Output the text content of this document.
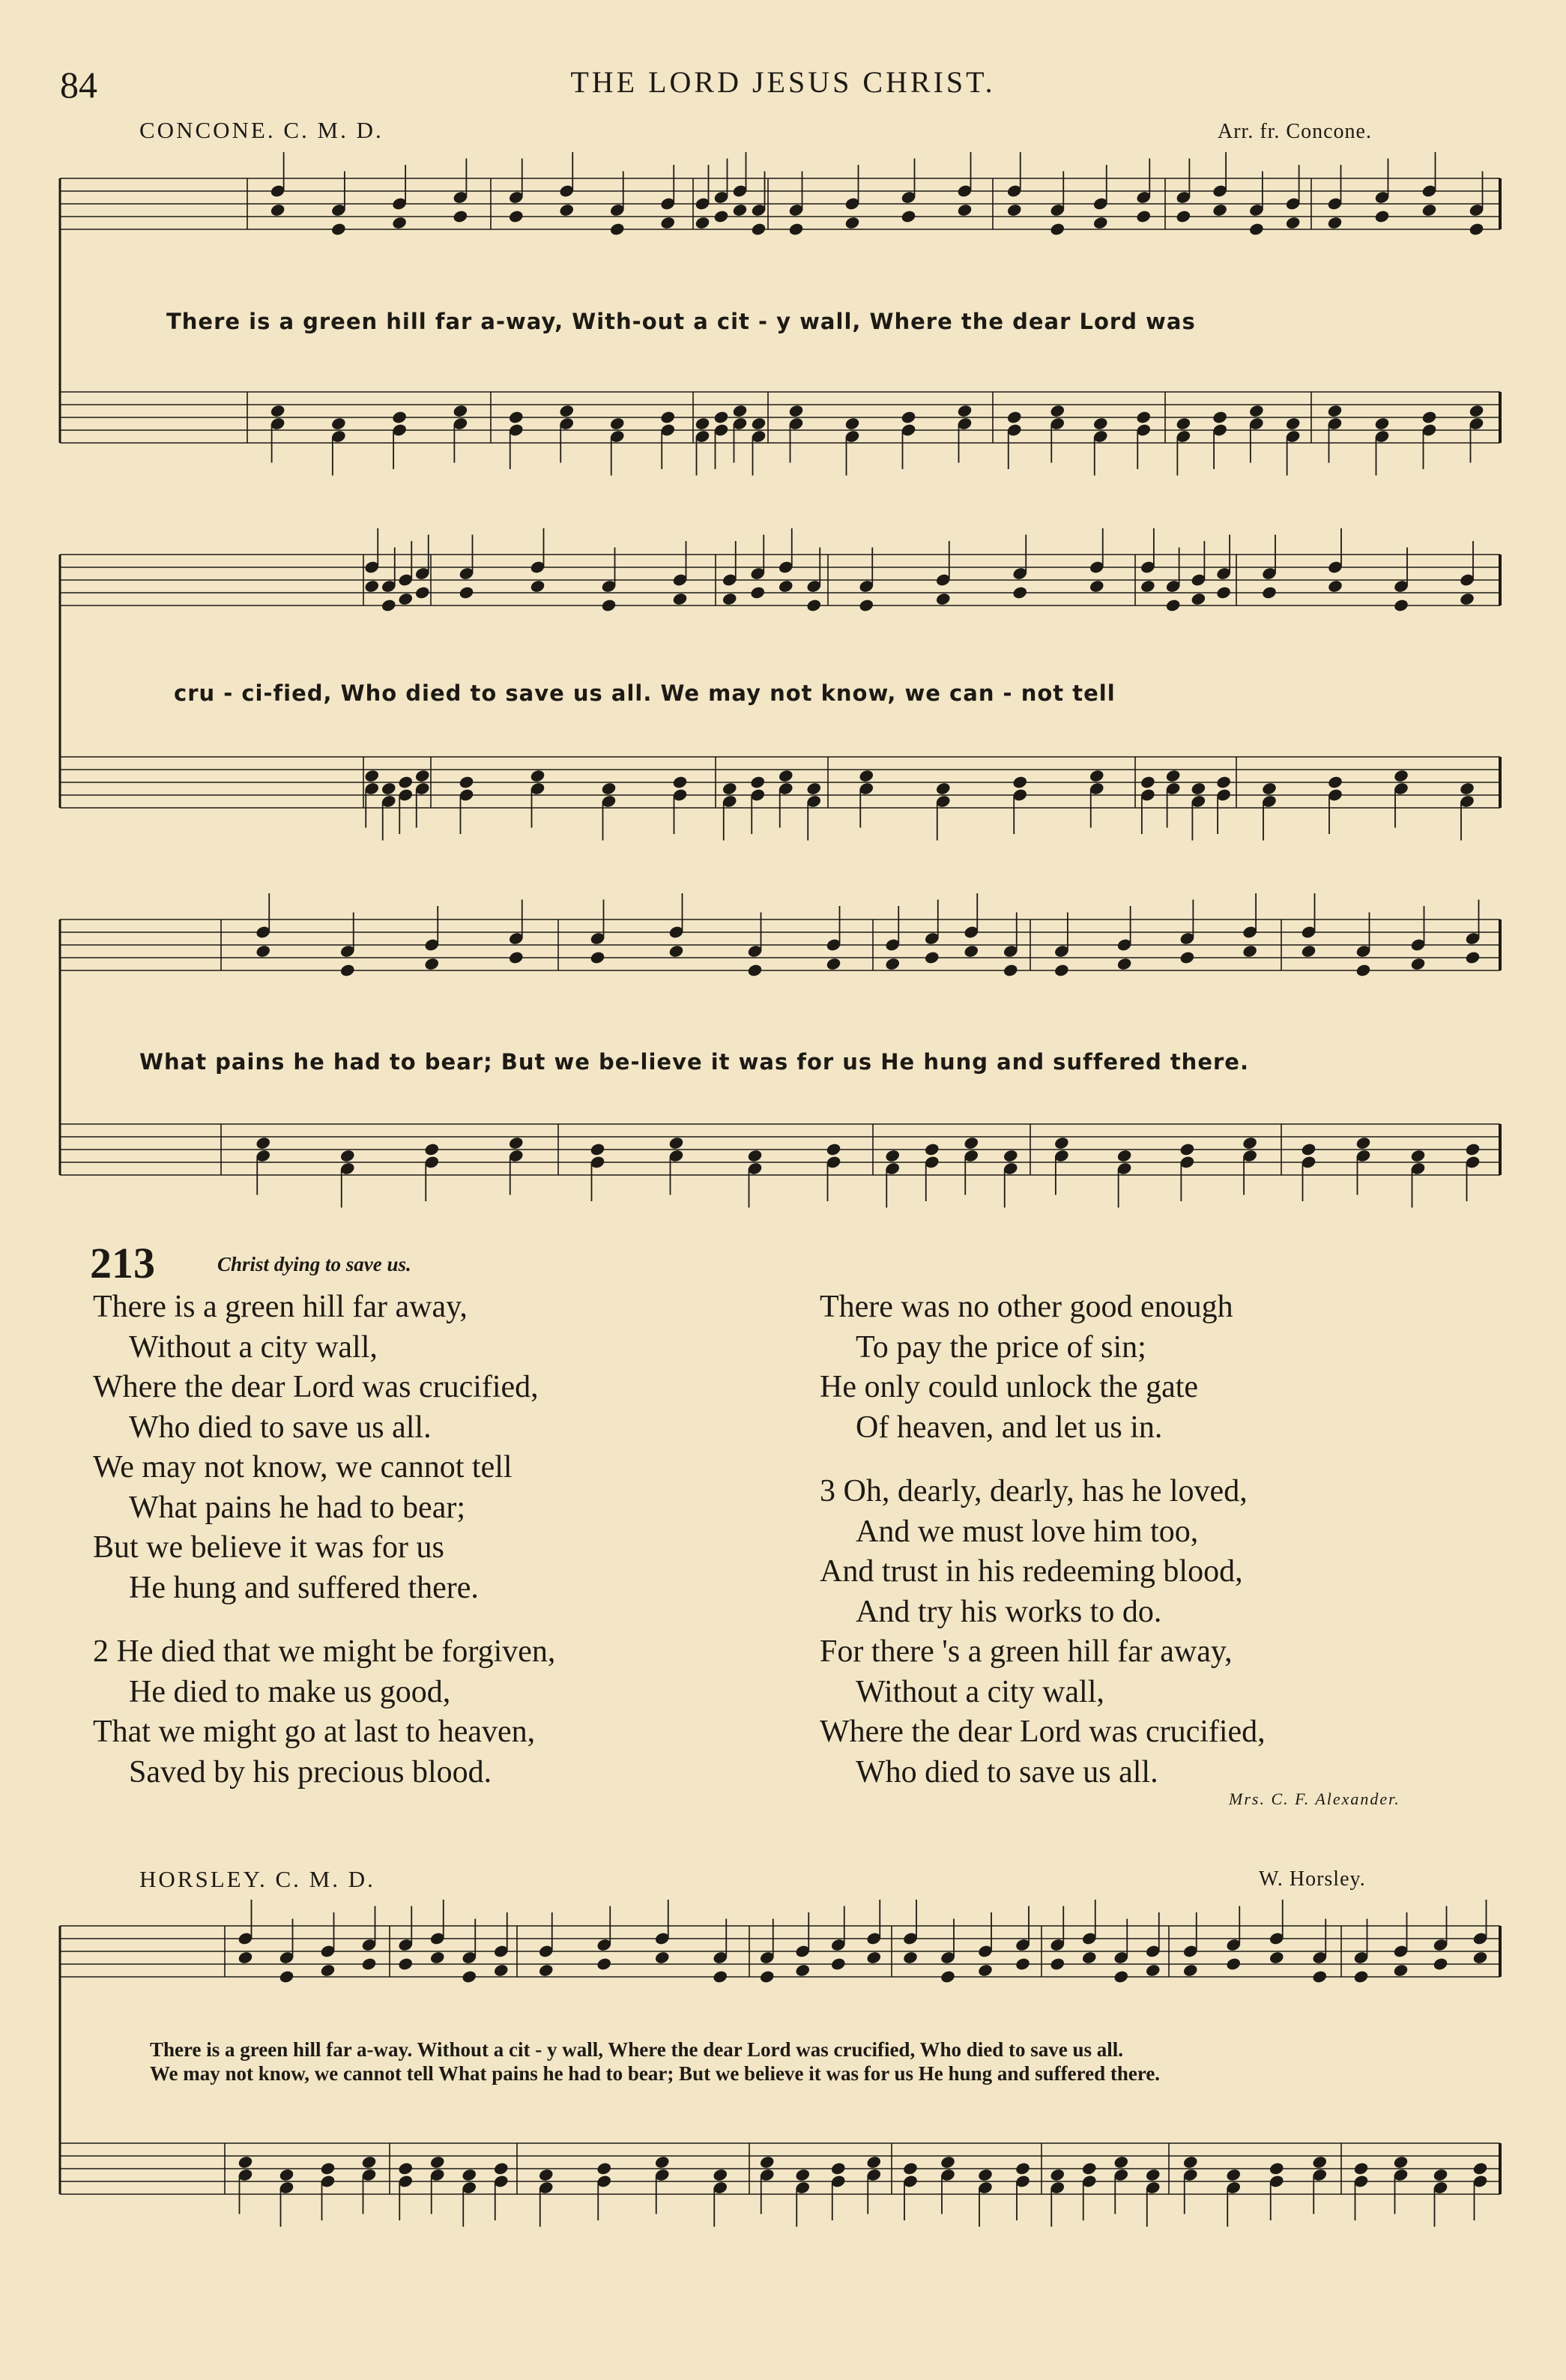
84	THE LORD JESUS CHRIST.
CONCONE. C. M. D.	Arr. fr. Concone.
There is a green hill far a-way, With-out a cit - y wall, Where the dear Lord was
cru - ci-fied, Who died to save us all. We may not know, we can - not tell
What pains he had to bear; But we be-lieve it was for us He hung and suffered there.
213	Christ dying to save us.
There is a green hill far away,
Without a city wall,
Where the dear Lord was crucified,
Who died to save us all.
We may not know, we cannot tell
What pains he had to bear;
But we believe it was for us
He hung and suffered there.
2 He died that we might be forgiven,
He died to make us good,
That we might go at last to heaven,
Saved by his precious blood.
There was no other good enough
To pay the price of sin;
He only could unlock the gate
Of heaven, and let us in.
3 Oh, dearly, dearly, has he loved,
And we must love him too,
And trust in his redeeming blood,
And try his works to do.
For there 's a green hill far away,
Without a city wall,
Where the dear Lord was crucified,
Who died to save us all.
Mrs. C. F. Alexander.
HORSLEY. C. M. D.	W. Horsley.
There is a green hill far a-way. Without a cit - y wall, Where the dear Lord was crucified, Who died to save us all.
We may not know, we cannot tell What pains he had to bear; But we believe it was for us He hung and suffered there.
